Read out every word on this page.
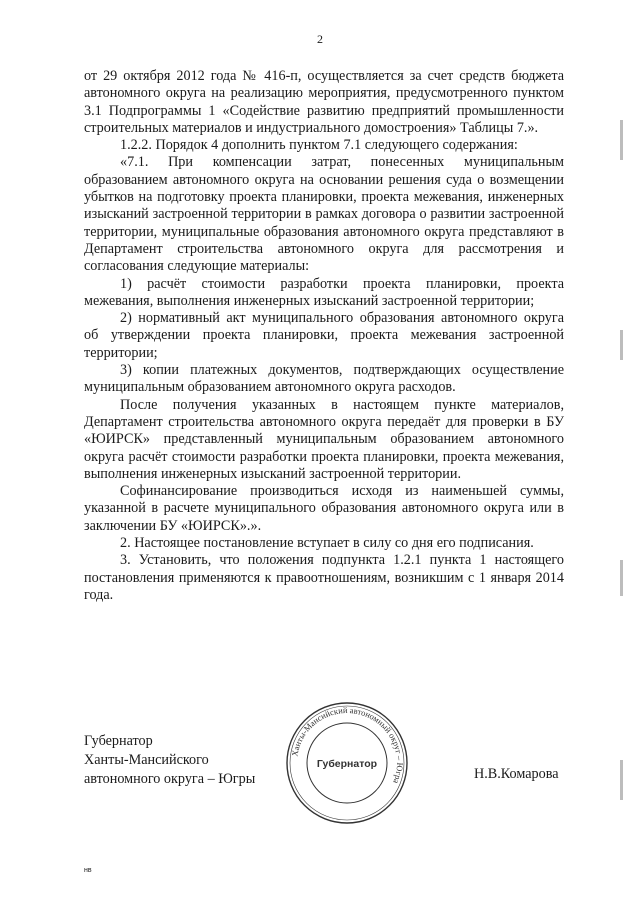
2

от 29 октября 2012 года № 416-п, осуществляется за счет средств бюджета автономного округа на реализацию мероприятия, предусмотренного пунктом 3.1 Подпрограммы 1 «Содействие развитию предприятий промышленности строительных материалов и индустриального домостроения» Таблицы 7.».

1.2.2. Порядок 4 дополнить пунктом 7.1 следующего содержания:

«7.1. При компенсации затрат, понесенных муниципальным образованием автономного округа на основании решения суда о возмещении убытков на подготовку проекта планировки, проекта межевания, инженерных изысканий застроенной территории в рамках договора о развитии застроенной территории, муниципальные образования автономного округа представляют в Департамент строительства автономного округа для рассмотрения и согласования следующие материалы:

1) расчёт стоимости разработки проекта планировки, проекта межевания, выполнения инженерных изысканий застроенной территории;

2) нормативный акт муниципального образования автономного округа об утверждении проекта планировки, проекта межевания застроенной территории;

3) копии платежных документов, подтверждающих осуществление муниципальным образованием автономного округа расходов.

После получения указанных в настоящем пункте материалов, Департамент строительства автономного округа передаёт для проверки в БУ «ЮИРСК» представленный муниципальным образованием автономного округа расчёт стоимости разработки проекта планировки, проекта межевания, выполнения инженерных изысканий застроенной территории.

Софинансирование производиться исходя из наименьшей суммы, указанной в расчете муниципального образования автономного округа или в заключении БУ «ЮИРСК».».

2. Настоящее постановление вступает в силу со дня его подписания.

3. Установить, что положения подпункта 1.2.1 пункта 1 настоящего постановления применяются к правоотношениям, возникшим с 1 января 2014 года.

Губернатор
Ханты-Мансийского
автономного округа – Югры
Ханты-Мансийский автономный округ – Югра
Губернатор
Н.В.Комарова
нв
